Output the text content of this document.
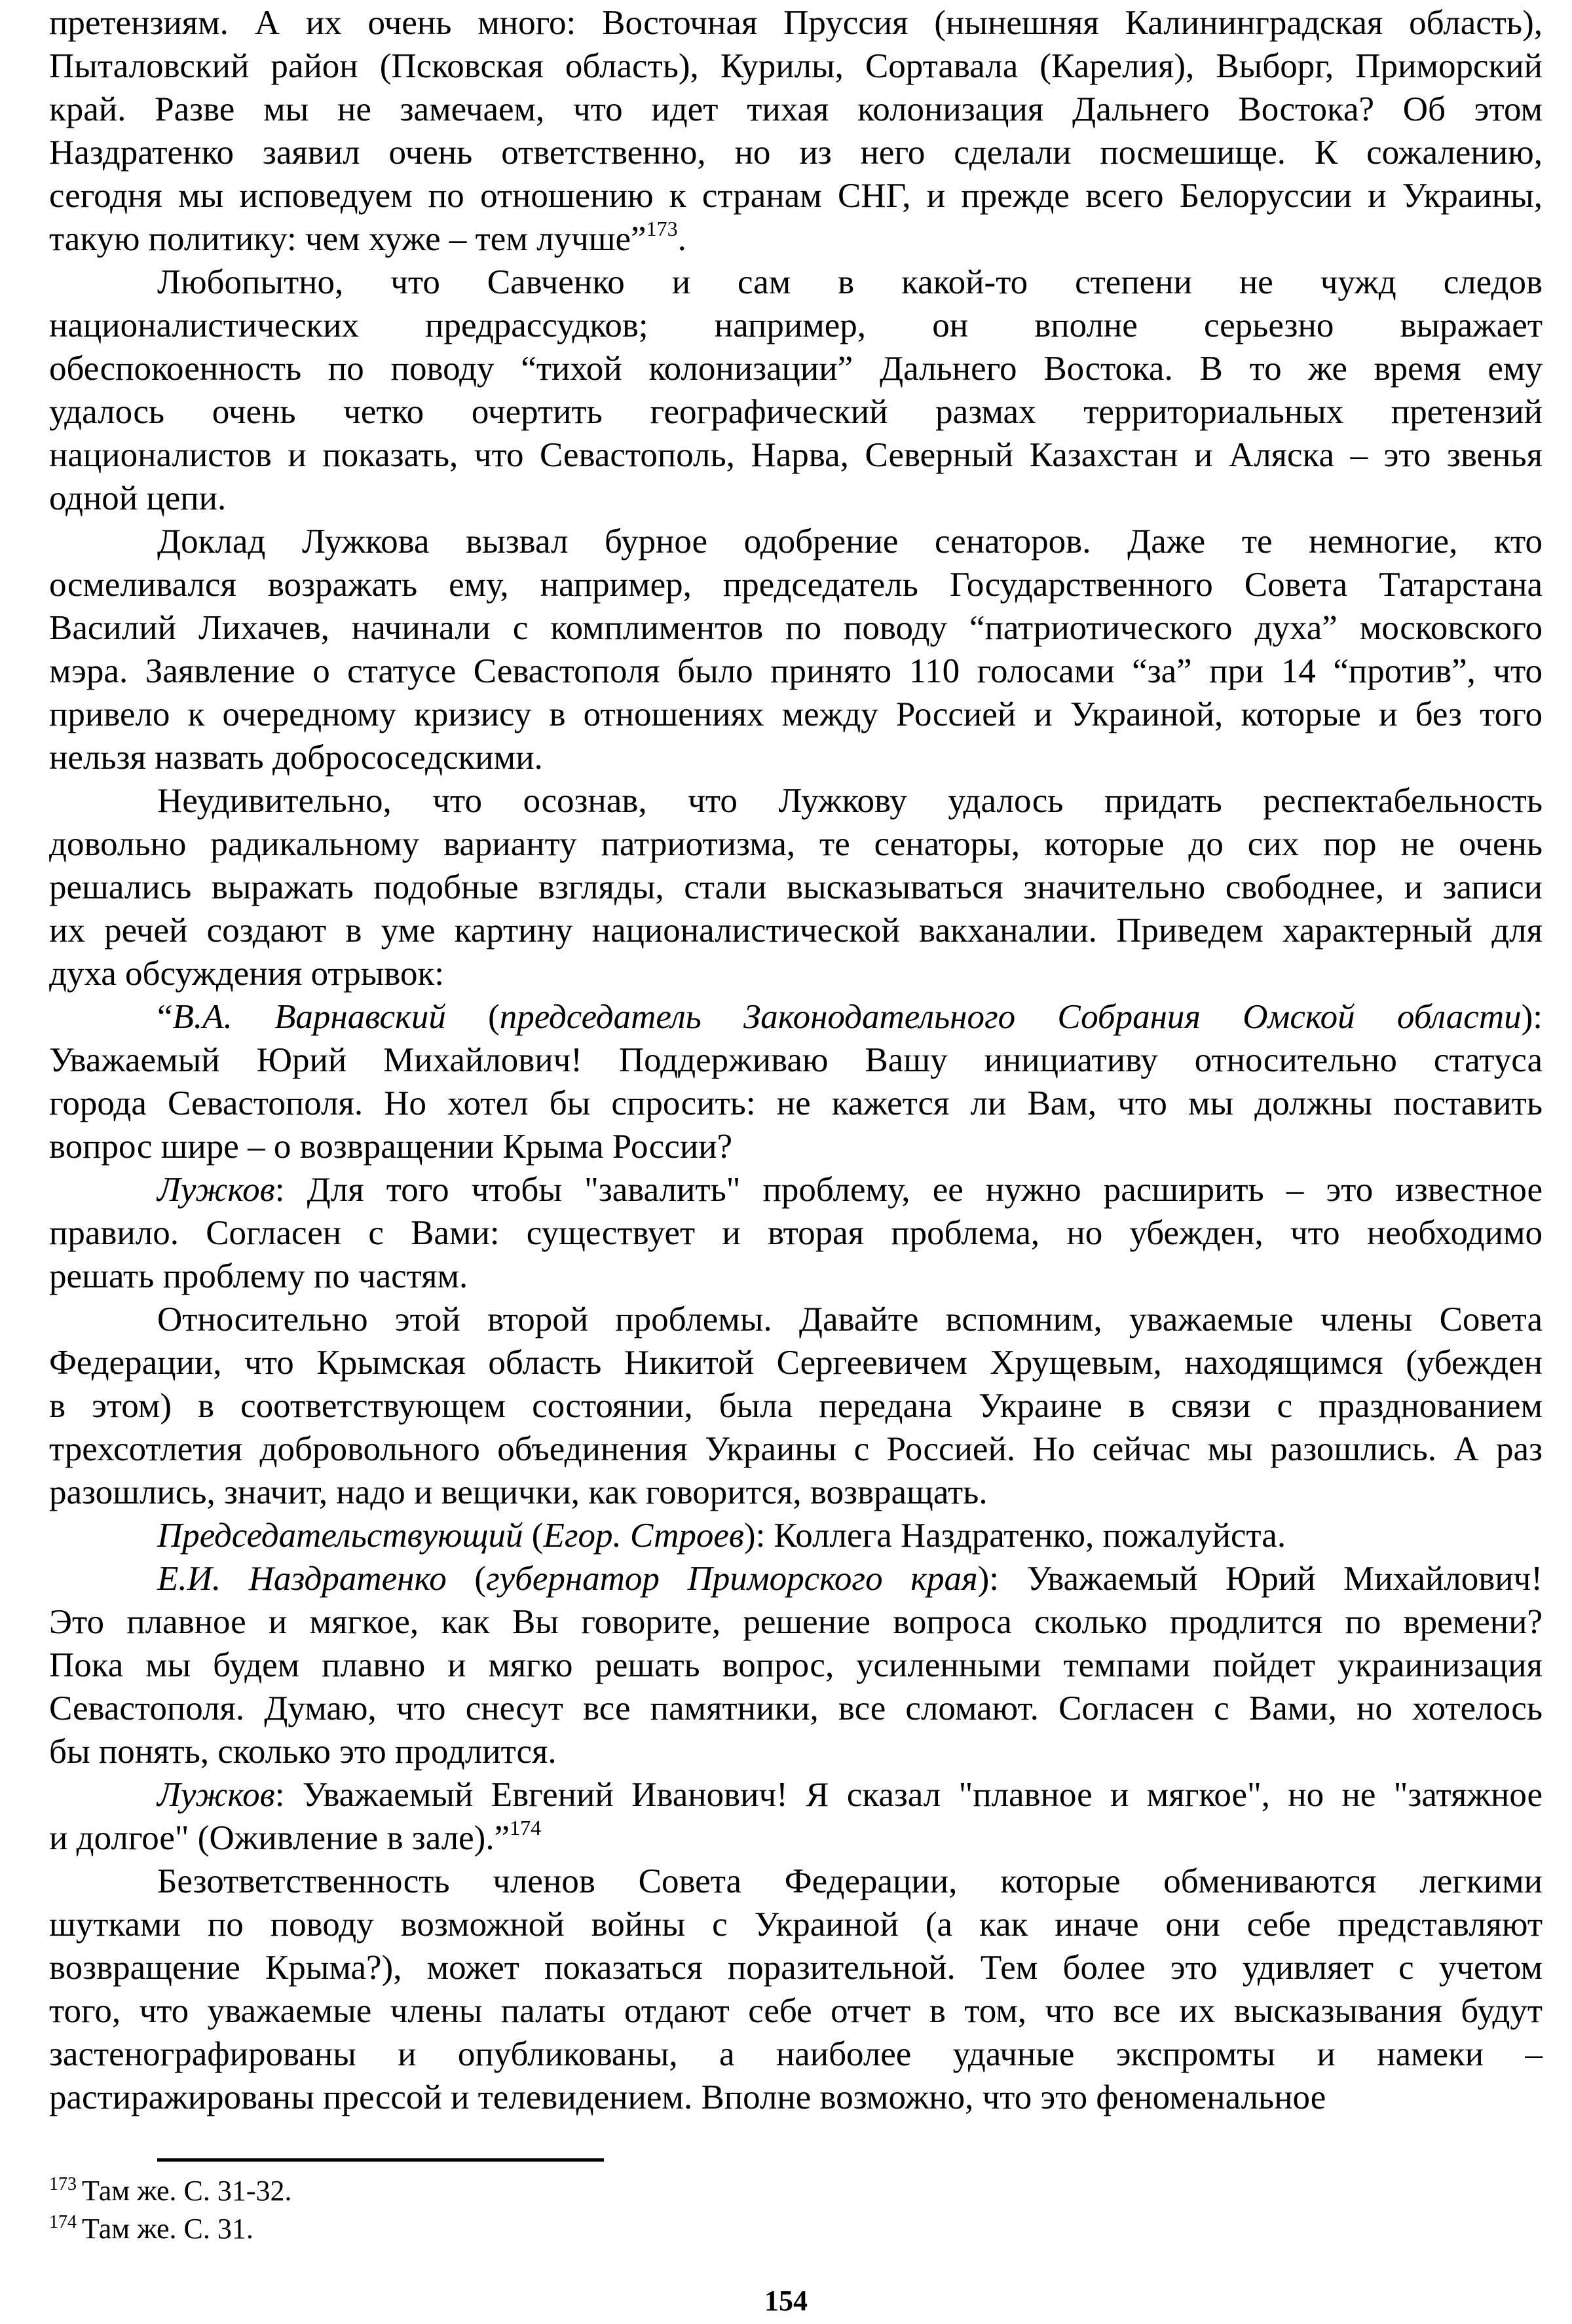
претензиям. А их очень много: Восточная Пруссия (нынешняя Калининградская область),
Пыталовский район (Псковская область), Курилы, Сортавала (Карелия), Выборг, Приморский
край. Разве мы не замечаем, что идет тихая колонизация Дальнего Востока? Об этом
Наздратенко заявил очень ответственно, но из него сделали посмешище. К сожалению,
сегодня мы исповедуем по отношению к странам СНГ, и прежде всего Белоруссии и Украины,
такую политику: чем хуже – тем лучше”$^{173}$.
Любопытно, что Савченко и сам в какой-то степени не чужд следов
националистических предрассудков; например, он вполне серьезно выражает
обеспокоенность по поводу “тихой колонизации” Дальнего Востока. В то же время ему
удалось очень четко очертить географический размах территориальных претензий
националистов и показать, что Севастополь, Нарва, Северный Казахстан и Аляска – это звенья
одной цепи.
Доклад Лужкова вызвал бурное одобрение сенаторов. Даже те немногие, кто
осмеливался возражать ему, например, председатель Государственного Совета Татарстана
Василий Лихачев, начинали с комплиментов по поводу “патриотического духа” московского
мэра. Заявление о статусе Севастополя было принято 110 голосами “за” при 14 “против”, что
привело к очередному кризису в отношениях между Россией и Украиной, которые и без того
нельзя назвать добрососедскими.
Неудивительно, что осознав, что Лужкову удалось придать респектабельность
довольно радикальному варианту патриотизма, те сенаторы, которые до сих пор не очень
решались выражать подобные взгляды, стали высказываться значительно свободнее, и записи
их речей создают в уме картину националистической вакханалии. Приведем характерный для
духа обсуждения отрывок:
“В.А. Варнавский (председатель Законодательного Собрания Омской области):
Уважаемый Юрий Михайлович! Поддерживаю Вашу инициативу относительно статуса
города Севастополя. Но хотел бы спросить: не кажется ли Вам, что мы должны поставить
вопрос шире – о возвращении Крыма России?
Лужков: Для того чтобы "завалить" проблему, ее нужно расширить – это известное
правило. Согласен с Вами: существует и вторая проблема, но убежден, что необходимо
решать проблему по частям.
Относительно этой второй проблемы. Давайте вспомним, уважаемые члены Совета
Федерации, что Крымская область Никитой Сергеевичем Хрущевым, находящимся (убежден
в этом) в соответствующем состоянии, была передана Украине в связи с празднованием
трехсотлетия добровольного объединения Украины с Россией. Но сейчас мы разошлись. А раз
разошлись, значит, надо и вещички, как говорится, возвращать.
Председательствующий (Егор. Строев): Коллега Наздратенко, пожалуйста.
Е.И. Наздратенко (губернатор Приморского края): Уважаемый Юрий Михайлович!
Это плавное и мягкое, как Вы говорите, решение вопроса сколько продлится по времени?
Пока мы будем плавно и мягко решать вопрос, усиленными темпами пойдет украинизация
Севастополя. Думаю, что снесут все памятники, все сломают. Согласен с Вами, но хотелось
бы понять, сколько это продлится.
Лужков: Уважаемый Евгений Иванович! Я сказал "плавное и мягкое", но не "затяжное
и долгое" (Оживление в зале).”$^{174}$
Безответственность членов Совета Федерации, которые обмениваются легкими
шутками по поводу возможной войны с Украиной (а как иначе они себе представляют
возвращение Крыма?), может показаться поразительной. Тем более это удивляет с учетом
того, что уважаемые члены палаты отдают себе отчет в том, что все их высказывания будут
застенографированы и опубликованы, а наиболее удачные экспромты и намеки –
растиражированы прессой и телевидением. Вполне возможно, что это феноменальное
$^{173}$ Там же. С. 31-32.
$^{174}$ Там же. С. 31.
154
